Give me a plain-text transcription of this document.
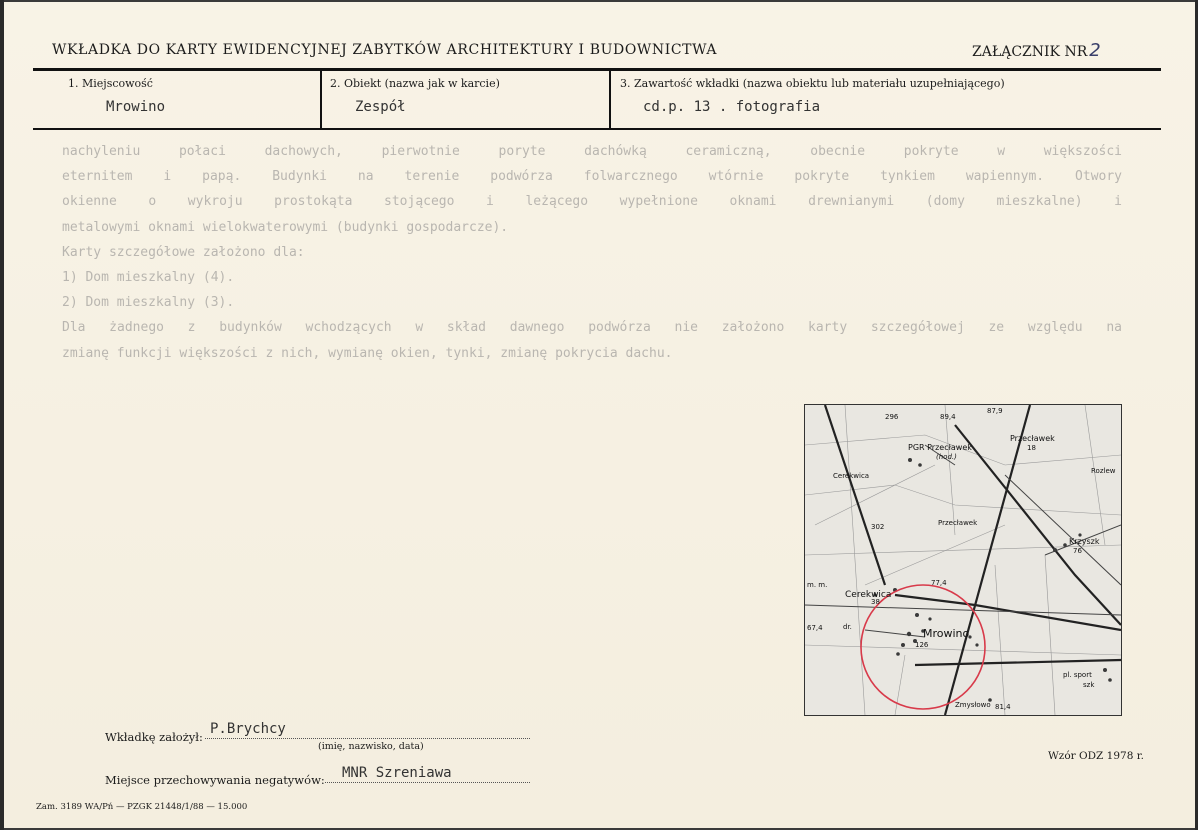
WKŁADKA DO KARTY EWIDENCYJNEJ ZABYTKÓW ARCHITEKTURY I BUDOWNICTWA	ZAŁĄCZNIK NR 2
1. Miejscowość
Mrowino
2. Obiekt (nazwa jak w karcie)
Zespół
3. Zawartość wkładki (nazwa obiektu lub materiału uzupełniającego)
cd.p. 13 . fotografia

nachyleniu połaci dachowych, pierwotnie poryte dachówką ceramiczną, obecnie pokryte w większości

eternitem i papą. Budynki na terenie podwórza folwarcznego wtórnie pokryte tynkiem wapiennym. Otwory

okienne o wykroju prostokąta stojącego i leżącego wypełnione oknami drewnianymi (domy mieszkalne) i

metalowymi oknami wielokwaterowymi (budynki gospodarcze).

Karty szczegółowe założono dla:

1) Dom mieszkalny (4).

2) Dom mieszkalny (3).

Dla żadnego z budynków wchodzących w skład dawnego podwórza nie założono karty szczegółowej ze względu na

zmianę funkcji większości z nich, wymianę okien, tynki, zmianę pokrycia dachu.

PGR Przecławek
(hod.)
Przecławek
18
Przecławek
Cerekwica
Cerekwica
Mrowino
126
Krzyszk
76
Rozlew
87,9
89,4
296
302
77,4
67,4
81,4
38
m. m.
pl. sport
Zmysłowo
szk
dr.
Wkładkę założył: P.Brychcy
(imię, nazwisko, data)
Miejsce przechowywania negatywów: MNR Szreniawa
Wzór ODZ 1978 r.
Zam. 3189 WA/Pń — PZGK 21448/1/88 — 15.000
